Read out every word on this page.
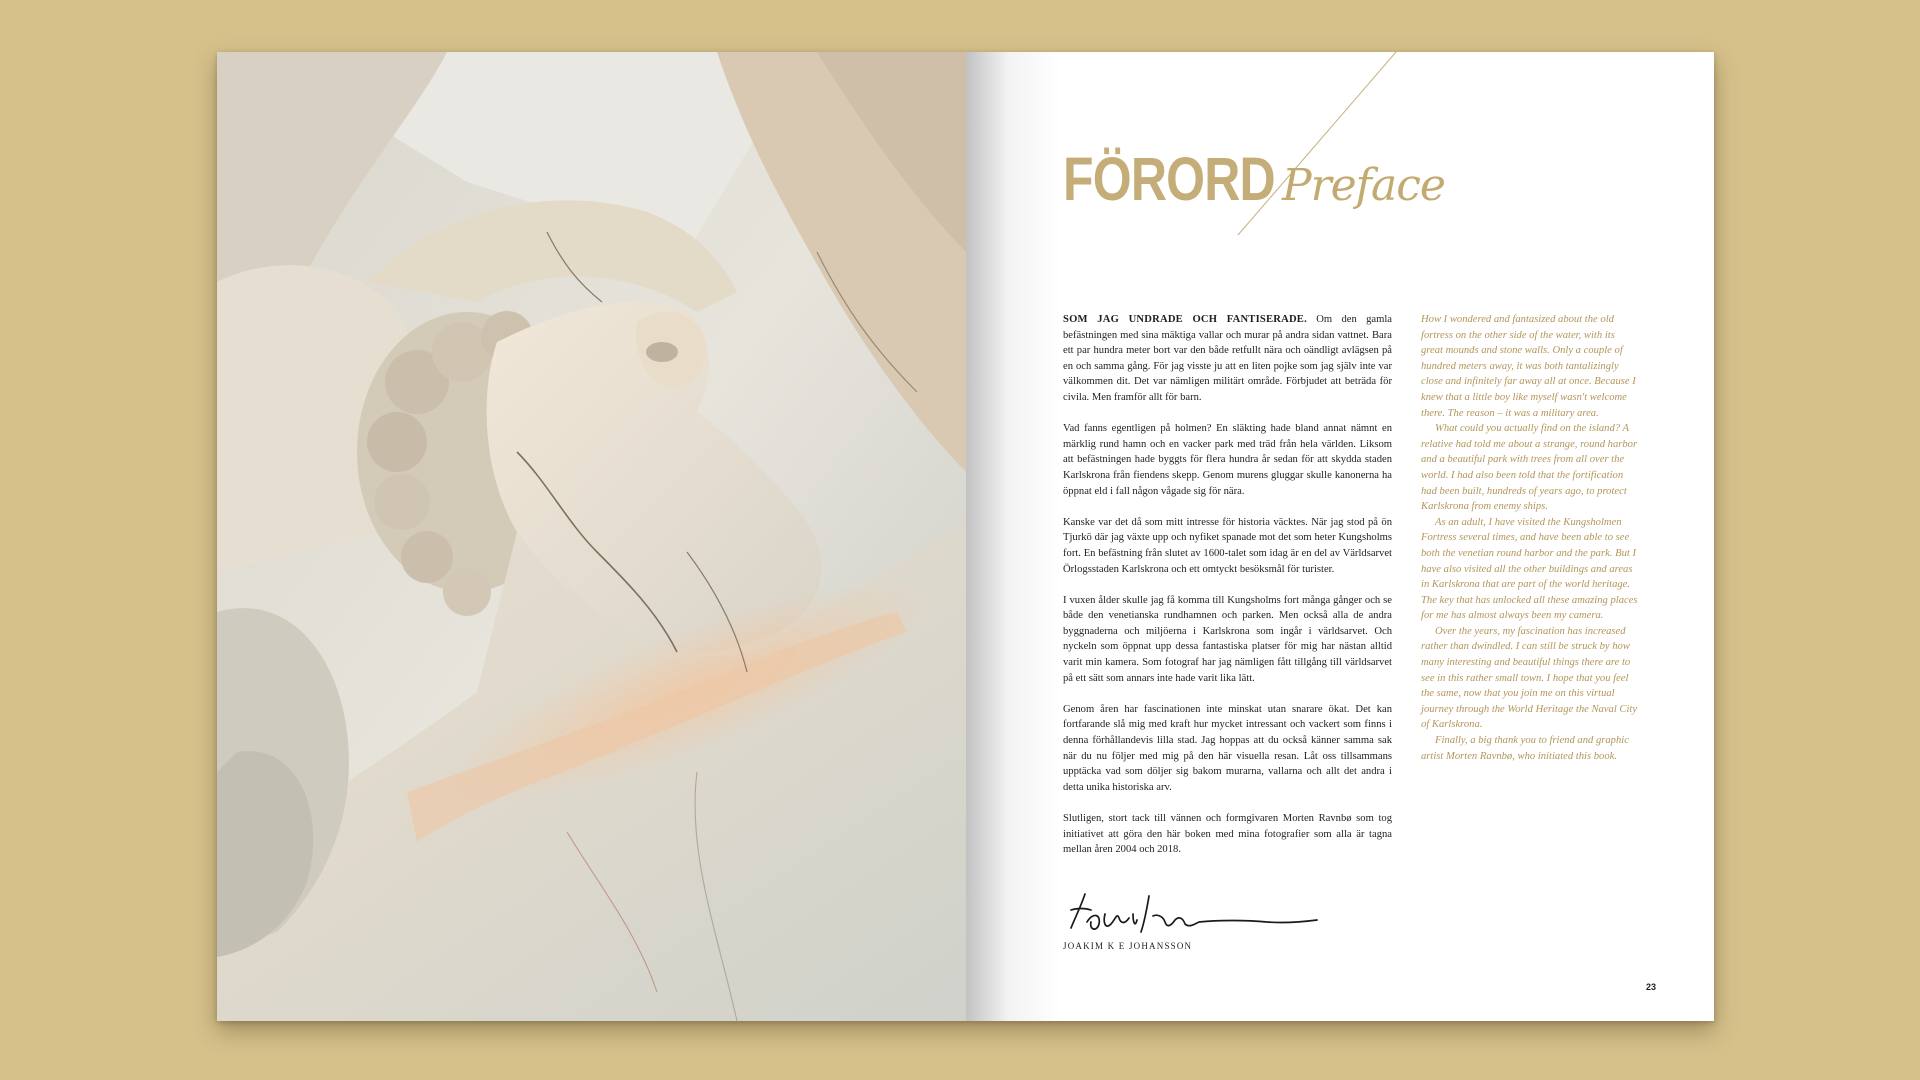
FÖRORD Preface

SOM JAG UNDRADE OCH FANTISERADE. Om den gamla befästningen med sina mäktiga vallar och murar på andra sidan vattnet. Bara ett par hundra meter bort var den både retfullt nära och oändligt avlägsen på en och samma gång. För jag visste ju att en liten pojke som jag själv inte var välkommen dit. Det var nämligen militärt område. Förbjudet att beträda för civila. Men framför allt för barn.

Vad fanns egentligen på holmen? En släkting hade bland annat nämnt en märklig rund hamn och en vacker park med träd från hela världen. Liksom att befästningen hade byggts för flera hundra år sedan för att skydda staden Karlskrona från fiendens skepp. Genom murens gluggar skulle kanonerna ha öppnat eld i fall någon vågade sig för nära.

Kanske var det då som mitt intresse för historia väcktes. När jag stod på ön Tjurkö där jag växte upp och nyfiket spanade mot det som heter Kungsholms fort. En befästning från slutet av 1600-talet som idag är en del av Världsarvet Örlogsstaden Karlskrona och ett omtyckt besöksmål för turister.

I vuxen ålder skulle jag få komma till Kungsholms fort många gånger och se både den venetianska rundhamnen och parken. Men också alla de andra byggnaderna och miljöerna i Karlskrona som ingår i världsarvet. Och nyckeln som öppnat upp dessa fantastiska platser för mig har nästan alltid varit min kamera. Som fotograf har jag nämligen fått tillgång till världsarvet på ett sätt som annars inte hade varit lika lätt.

Genom åren har fascinationen inte minskat utan snarare ökat. Det kan fortfarande slå mig med kraft hur mycket intressant och vackert som finns i denna förhållandevis lilla stad. Jag hoppas att du också känner samma sak när du nu följer med mig på den här visuella resan. Låt oss tillsammans upptäcka vad som döljer sig bakom murarna, vallarna och allt det andra i detta unika historiska arv.

Slutligen, stort tack till vännen och formgivaren Morten Ravnbø som tog initiativet att göra den här boken med mina fotografier som alla är tagna mellan åren 2004 och 2018.

How I wondered and fantasized about the old fortress on the other side of the water, with its great mounds and stone walls. Only a couple of hundred meters away, it was both tantalizingly close and infinitely far away all at once. Because I knew that a little boy like myself wasn't welcome there. The reason – it was a military area.

What could you actually find on the island? A relative had told me about a strange, round harbor and a beautiful park with trees from all over the world. I had also been told that the fortification had been built, hundreds of years ago, to protect Karlskrona from enemy ships.

As an adult, I have visited the Kungsholmen Fortress several times, and have been able to see both the venetian round harbor and the park. But I have also visited all the other buildings and areas in Karlskrona that are part of the world heritage. The key that has unlocked all these amazing places for me has almost always been my camera.

Over the years, my fascination has increased rather than dwindled. I can still be struck by how many interesting and beautiful things there are to see in this rather small town. I hope that you feel the same, now that you join me on this virtual journey through the World Heritage the Naval City of Karlskrona.

Finally, a big thank you to friend and graphic artist Morten Ravnbø, who initiated this book.

JOAKIM K E JOHANSSON
23
